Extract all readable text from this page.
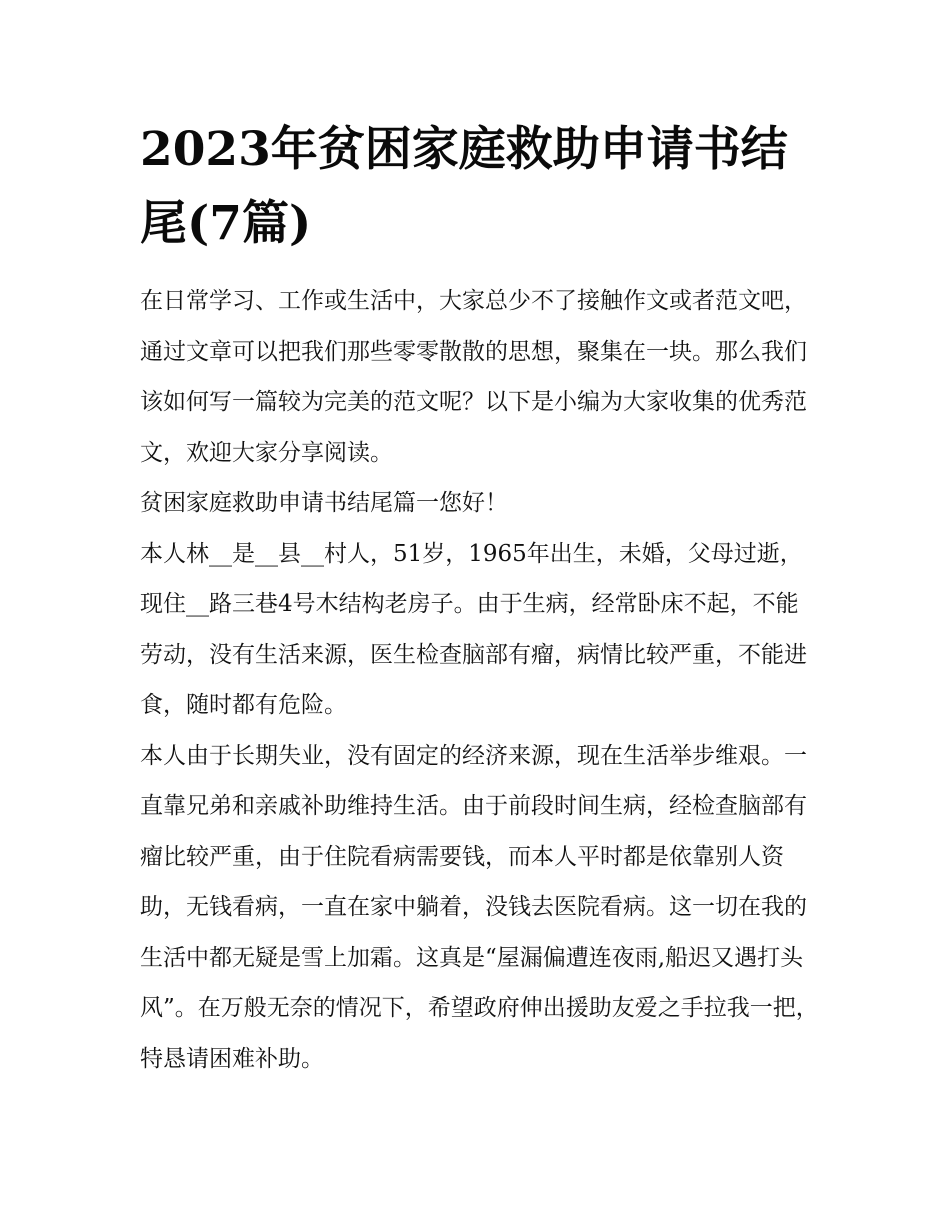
2023年贫困家庭救助申请书结尾(7篇)

在日常学习、工作或生活中，大家总少不了接触作文或者范文吧，通过文章可以把我们那些零零散散的思想，聚集在一块。那么我们该如何写一篇较为完美的范文呢？以下是小编为大家收集的优秀范文，欢迎大家分享阅读。

贫困家庭救助申请书结尾篇一您好！

本人林__是__县__村人，51岁，1965年出生，未婚，父母过逝，现住__路三巷4号木结构老房子。由于生病，经常卧床不起，不能劳动，没有生活来源，医生检查脑部有瘤，病情比较严重，不能进食，随时都有危险。

本人由于长期失业，没有固定的经济来源，现在生活举步维艰。一直靠兄弟和亲戚补助维持生活。由于前段时间生病，经检查脑部有瘤比较严重，由于住院看病需要钱，而本人平时都是依靠别人资助，无钱看病，一直在家中躺着，没钱去医院看病。这一切在我的生活中都无疑是雪上加霜。这真是“屋漏偏遭连夜雨,船迟又遇打头风”。在万般无奈的情况下，希望政府伸出援助友爱之手拉我一把，特恳请困难补助。
